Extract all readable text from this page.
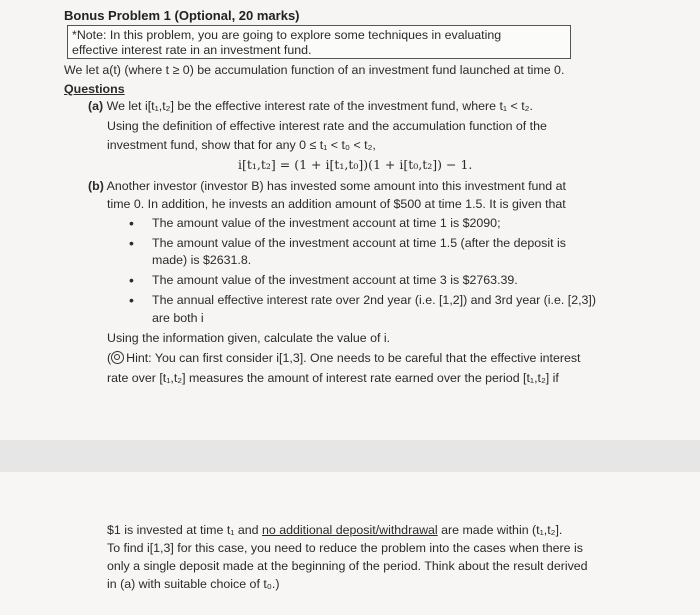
Bonus Problem 1 (Optional, 20 marks)
*Note: In this problem, you are going to explore some techniques in evaluating
effective interest rate in an investment fund.
We let a(t) (where t ≥ 0) be accumulation function of an investment fund launched at time 0.
Questions
(a) We let i[t₁,t₂] be the effective interest rate of the investment fund, where t₁ < t₂.
Using the definition of effective interest rate and the accumulation function of the
investment fund, show that for any 0 ≤ t₁ < t₀ < t₂,
i[t₁,t₂] = (1 + i[t₁,t₀])(1 + i[t₀,t₂]) − 1.
(b) Another investor (investor B) has invested some amount into this investment fund at
time 0. In addition, he invests an addition amount of $500 at time 1.5. It is given that
• The amount value of the investment account at time 1 is $2090;
• The amount value of the investment account at time 1.5 (after the deposit is
made) is $2631.8.
• The amount value of the investment account at time 3 is $2763.39.
• The annual effective interest rate over 2nd year (i.e. [1,2]) and 3rd year (i.e. [2,3])
are both i
Using the information given, calculate the value of i.
( Hint: You can first consider i[1,3]. One needs to be careful that the effective interest
rate over [t₁,t₂] measures the amount of interest rate earned over the period [t₁,t₂] if
$1 is invested at time t₁ and no additional deposit/withdrawal are made within (t₁,t₂].
To find i[1,3] for this case, you need to reduce the problem into the cases when there is
only a single deposit made at the beginning of the period. Think about the result derived
in (a) with suitable choice of t₀.)
